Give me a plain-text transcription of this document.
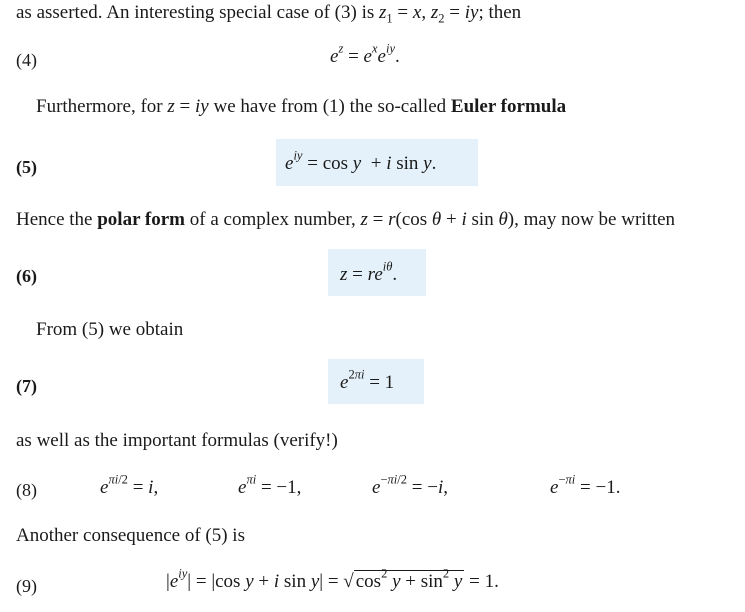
as asserted. An interesting special case of (3) is $z_1 = x$, $z_2$ = iy; then
(4)	$e^z = e^xe^{iy}$.
Furthermore, for z = iy we have from (1) the so-called Euler formula
(5)	$e^{iy} = \cos y + i$ sin y.
Hence the polar form of a complex number, z = r(cos θ + i sin θ), may now be written
(6)	$z = re^{i\theta}$.
From (5) we obtain
(7)	$e^{2\pi i} = 1$
as well as the important formulas (verify!)
(8)	$e^{\pi i/2} = i$,	$e^{\pi i} = -1$,	$e^{-\pi i/2} = -i$,	$e^{-\pi i} = -1$.
Another consequence of (5) is
(9)	$|e^{iy}| = |\cos$ y + i sin y| = √ $\cos^2 y + \sin^2 y = 1$.
